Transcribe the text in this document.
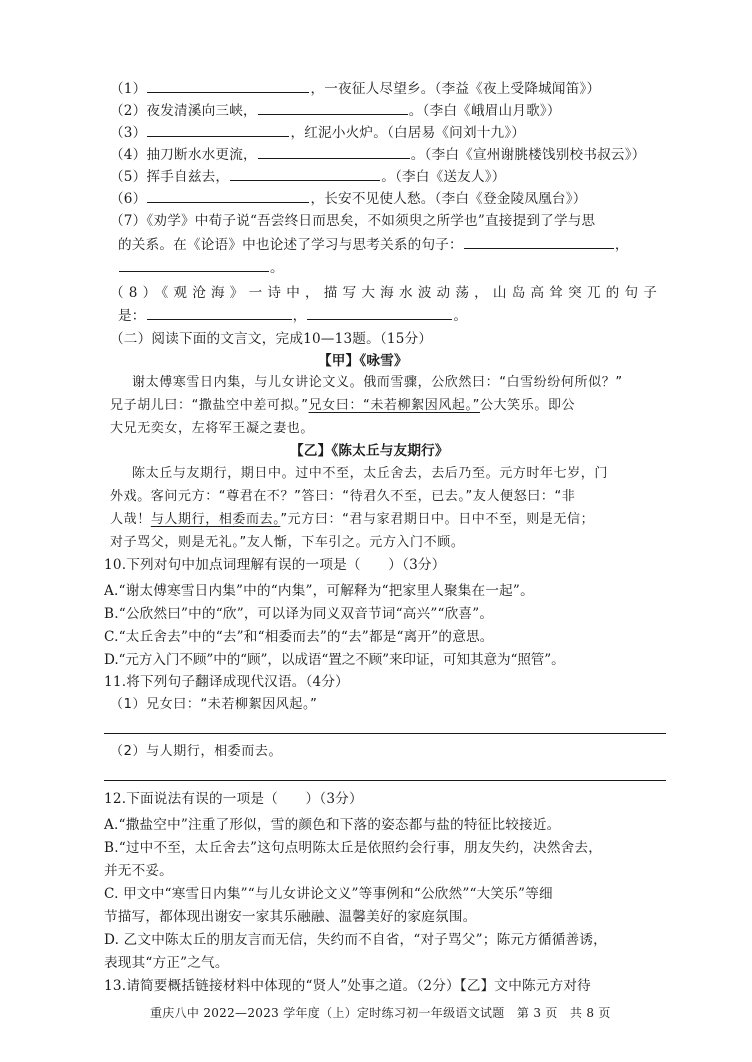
（1）	，一夜征人尽望乡。（李益《夜上受降城闻笛》）
（2）夜发清溪向三峡，	。（李白《峨眉山月歌》）
（3）	，红泥小火炉。（白居易《问刘十九》）
（4）抽刀断水水更流，	。（李白《宣州谢朓楼饯别校书叔云》）
（5）挥手自兹去，	。（李白《送友人》）
（6）	，长安不见使人愁。（李白《登金陵凤凰台》）
（7）《劝学》中荀子说“吾尝终日而思矣，不如须臾之所学也”直接提到了学与思
的关系。在《论语》中也论述了学习与思考关系的句子：	，
。
（8）《观沧海》一诗中，描写大海水波动荡，山岛高耸突兀的句子
是：	，	。
（二）阅读下面的文言文，完成10—13题。（15分）
【甲】《咏雪》
谢太傅寒雪日内集，与儿女讲论文义。俄而雪骤，公欣然曰：“白雪纷纷何所似？”
兄子胡儿曰：“撒盐空中差可拟。”兄女曰：“未若柳絮因风起。”公大笑乐。即公
大兄无奕女，左将军王凝之妻也。
【乙】《陈太丘与友期行》
陈太丘与友期行，期日中。过中不至，太丘舍去，去后乃至。元方时年七岁，门
外戏。客问元方：“尊君在不？”答曰：“待君久不至，已去。”友人便怒曰：“非
人哉！与人期行，相委而去。”元方曰：“君与家君期日中。日中不至，则是无信；
对子骂父，则是无礼。”友人惭，下车引之。元方入门不顾。
10.下列对句中加点词理解有误的一项是（　　）（3分）
A.“谢太傅寒雪日内集”中的“内集”，可解释为“把家里人聚集在一起”。
B.“公欣然曰”中的“欣”，可以译为同义双音节词“高兴”“欣喜”。
C.“太丘舍去”中的“去”和“相委而去”的“去”都是“离开”的意思。
D.“元方入门不顾”中的“顾”，以成语“置之不顾”来印证，可知其意为“照管”。
11.将下列句子翻译成现代汉语。（4分）
（1）兄女曰：“未若柳絮因风起。”
（2）与人期行，相委而去。
12.下面说法有误的一项是（　　）（3分）
A.“撒盐空中”注重了形似，雪的颜色和下落的姿态都与盐的特征比较接近。
B.“过中不至，太丘舍去”这句点明陈太丘是依照约会行事，朋友失约，决然舍去，
并无不妥。
C. 甲文中“寒雪日内集”“与儿女讲论文义”等事例和“公欣然”“大笑乐”等细
节描写，都体现出谢安一家其乐融融、温馨美好的家庭氛围。
D. 乙文中陈太丘的朋友言而无信，失约而不自省，“对子骂父”；陈元方循循善诱，
表现其“方正”之气。
13.请简要概括链接材料中体现的“贤人”处事之道。（2分）【乙】文中陈元方对待
重庆八中 2022—2023 学年度（上）定时练习初一年级语文试题　第 3 页　共 8 页
